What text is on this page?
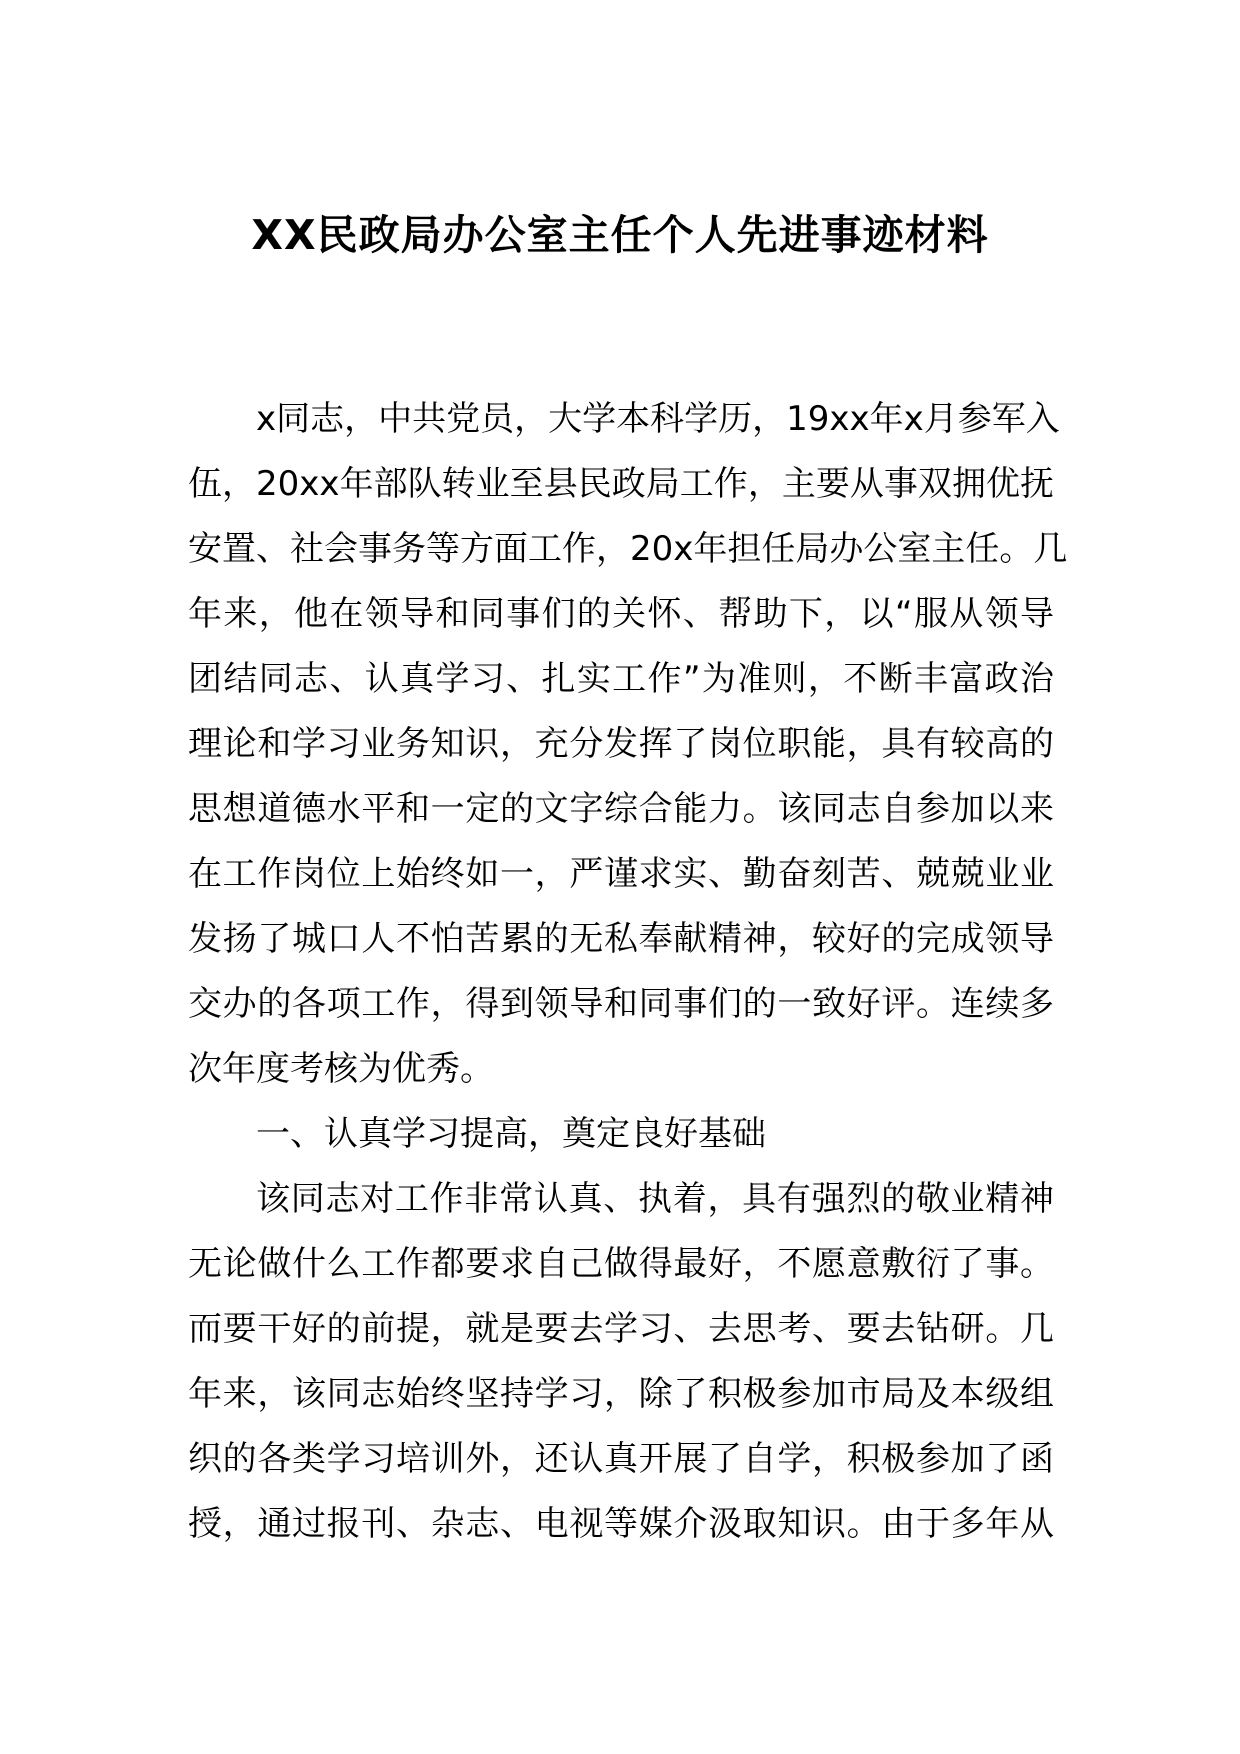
XX民政局办公室主任个人先进事迹材料
x同志，中共党员，大学本科学历，19xx年x月参军入
伍，20xx年部队转业至县民政局工作，主要从事双拥优抚
安置、社会事务等方面工作，20x年担任局办公室主任。几
年来，他在领导和同事们的关怀、帮助下，以“服从领导
团结同志、认真学习、扎实工作”为准则，不断丰富政治
理论和学习业务知识，充分发挥了岗位职能，具有较高的
思想道德水平和一定的文字综合能力。该同志自参加以来
在工作岗位上始终如一，严谨求实、勤奋刻苦、兢兢业业
发扬了城口人不怕苦累的无私奉献精神，较好的完成领导
交办的各项工作，得到领导和同事们的一致好评。连续多
次年度考核为优秀。
一、认真学习提高，奠定良好基础
该同志对工作非常认真、执着，具有强烈的敬业精神
无论做什么工作都要求自己做得最好，不愿意敷衍了事。
而要干好的前提，就是要去学习、去思考、要去钻研。几
年来，该同志始终坚持学习，除了积极参加市局及本级组
织的各类学习培训外，还认真开展了自学，积极参加了函
授，通过报刊、杂志、电视等媒介汲取知识。由于多年从
